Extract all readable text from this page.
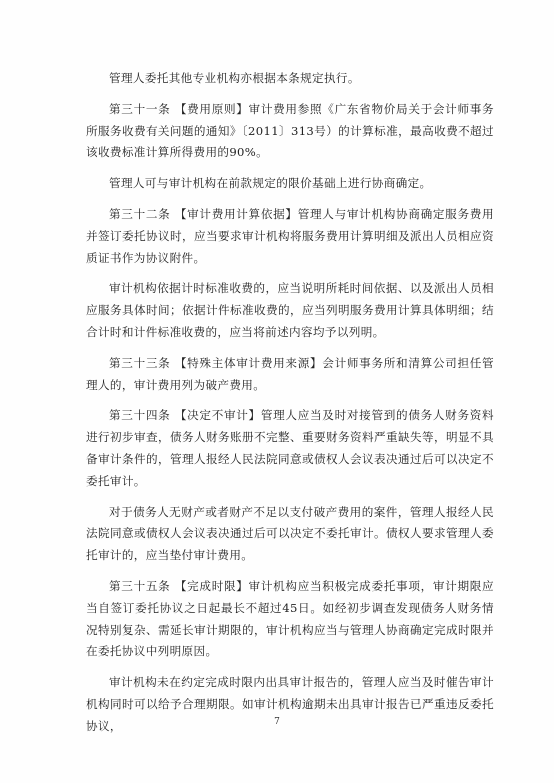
管理人委托其他专业机构亦根据本条规定执行。

第三十一条 【费用原则】审计费用参照《广东省物价局关于会计师事务所服务收费有关问题的通知》〔2011〕313号）的计算标准，最高收费不超过该收费标准计算所得费用的90%。

管理人可与审计机构在前款规定的限价基础上进行协商确定。

第三十二条 【审计费用计算依据】管理人与审计机构协商确定服务费用并签订委托协议时，应当要求审计机构将服务费用计算明细及派出人员相应资质证书作为协议附件。

审计机构依据计时标准收费的，应当说明所耗时间依据、以及派出人员相应服务具体时间；依据计件标准收费的，应当列明服务费用计算具体明细；结合计时和计件标准收费的，应当将前述内容均予以列明。

第三十三条 【特殊主体审计费用来源】会计师事务所和清算公司担任管理人的，审计费用列为破产费用。

第三十四条 【决定不审计】管理人应当及时对接管到的债务人财务资料进行初步审查，债务人财务账册不完整、重要财务资料严重缺失等，明显不具备审计条件的，管理人报经人民法院同意或债权人会议表决通过后可以决定不委托审计。

对于债务人无财产或者财产不足以支付破产费用的案件，管理人报经人民法院同意或债权人会议表决通过后可以决定不委托审计。债权人要求管理人委托审计的，应当垫付审计费用。

第三十五条 【完成时限】审计机构应当积极完成委托事项，审计期限应当自签订委托协议之日起最长不超过45日。如经初步调查发现债务人财务情况特别复杂、需延长审计期限的，审计机构应当与管理人协商确定完成时限并在委托协议中列明原因。

审计机构未在约定完成时限内出具审计报告的，管理人应当及时催告审计机构同时可以给予合理期限。如审计机构逾期未出具审计报告已严重违反委托协议，	7
